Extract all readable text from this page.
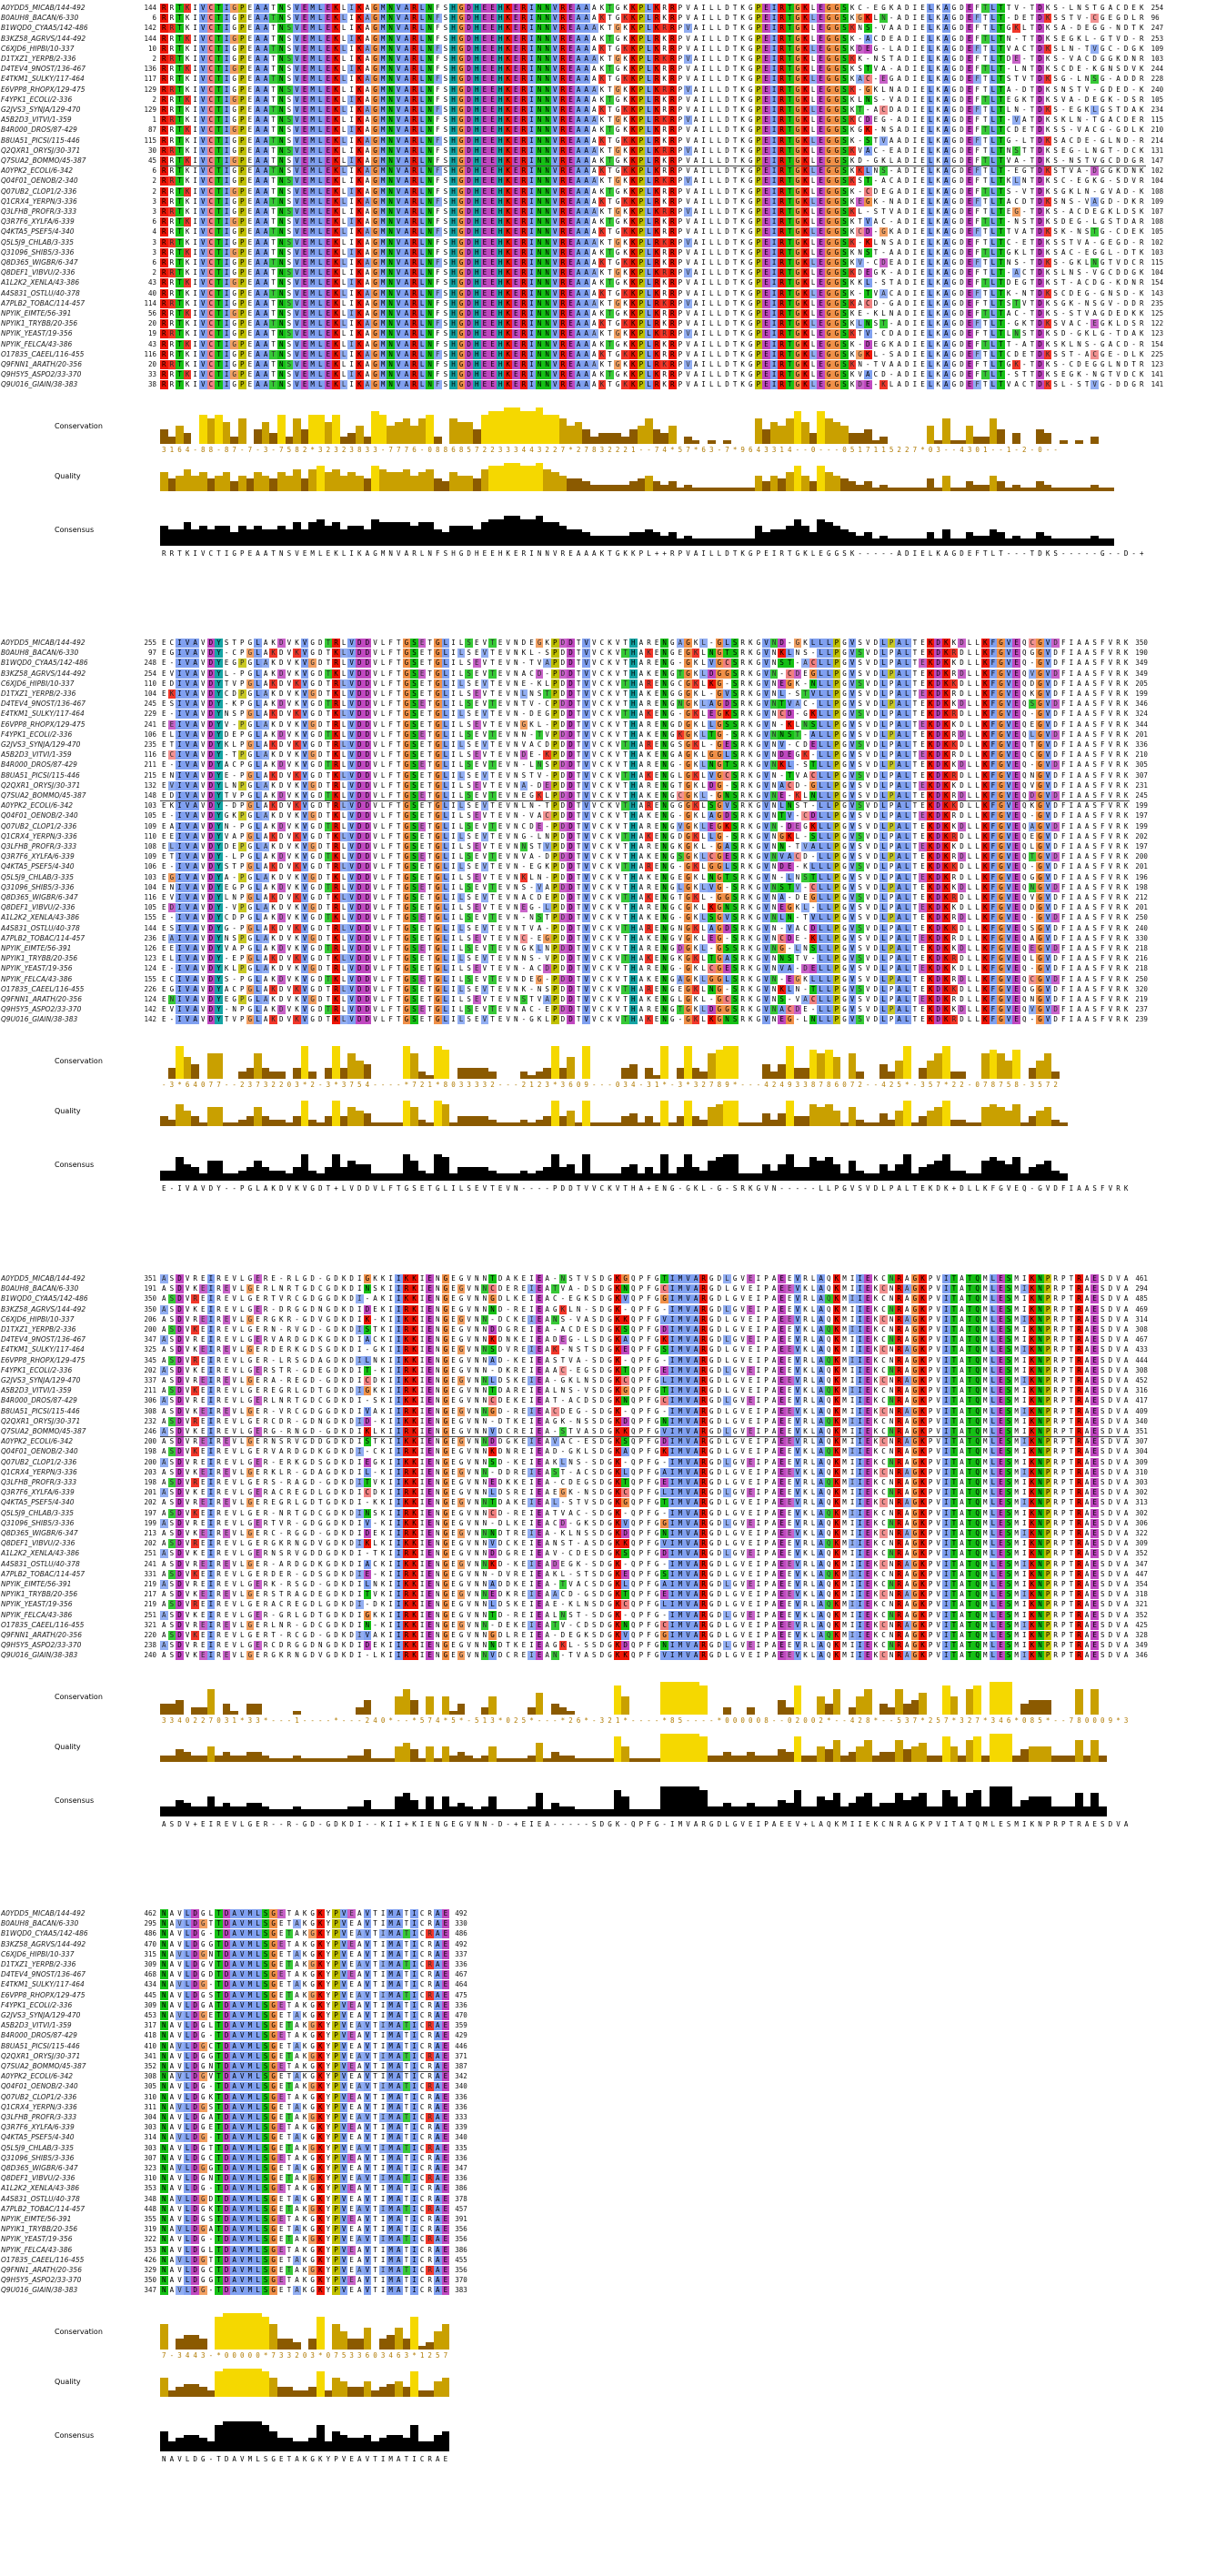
A0YDD5_MICAB/144-492	144 R R T K I V C T I G P E A A T N S V E M L E K L I K A G M N V A R L N F S H G D H E E H K E R I N N V R E A A A K T G K K P L K R R P V A I L L D T K G P E I R T G K L E G G S K C - E G K A D I E L K A G D E F T L T T V - T D K S - L N S T G A C D E K 254
B0AUH8_BACAN/6-330	6 R R T K I V C T I G P E A A T N S V E M L E K L I K A G M N V A R L N F S H G D H E E H K E R I N N V R E A A A K T G K K P L R K R P V A I L L D T K G P E I R T G K L E G G S K G K L N - A D I E L K A G D E F T L T - D E T D K S S T V - C G E G D L R 96
B1WQD0_CYAA5/142-486	142 R R T K I V C T I G P E A A T N S V E M L E K L I K A G M N V A R L N F S H G D H E E H K E R I N N V R E A A A K T G K K P L K R R P V A I L L D T K G P E I R T G K L E G G S K N S - V A A D I E L K A G D E F T L T G K L T D K S A - D E G G - N D T K 247
B3KZ58_AGRVS/144-492	144 R R T K I V C T I G P E A A T N S V E M L E K L I K A G M N V A R L N F S H G D H E E H K E R I N N V R E A A A K T G K K P L R K R P V A I L L D T K G P E I R T G K L E G G S K - A C D E A D I E L K A G D E F T L T N - T T D K S E G K L - G T V D - R 253
C6XJD6_HIPBI/10-337	10 R R T K I V C T I G P E A A T N S V E M L E K L I K A G M N V A R L N F S H G D H E E H K E R I N N V R E A A A K T G K K P L K R R P V A I L L D T K G P E I R T G K L E G G S K D E G - L A D I E L K A G D E F T L T V A C T D K S L N - T V G C - D G K 109
D1TXZ1_YERPB/2-336	2 R R T K I V C T I G P E A A T N S V E M L E K L I K A G M N V A R L N F S H G D H E E H K E R I N N V R E A A A K T G K K P L R K R P V A I L L D T K G P E I R T G K L E G G S K K - N S T A D I E L K A G D E F T L T D E - T D K S - V A C D G G K D N R 103
D4TEV4_9NOST/136-467	136 R R T K I V C T I G P E A A T N S V E M L E K L I K A G M N V A R L N F S H G D H E E H K E R I N N V R E A A A K T G K K P L K R R P V A I L L D T K G P E I R T G K L E G G S K S T V A - A D I E L K A G D E F T L T - L N T D K S C D E - K G N S D V K 244
E4TKM1_SULKY/117-464	117 R R T K I V C T I G P E A A T N S V E M L E K L I K A G M N V A R L N F S H G D H E E H K E R I N N V R E A A A K T G K K P L R K R P V A I L L D T K G P E I R T G K L E G G S K A C - E G A D I E L K A G D E F T L T S T V T D K S G - L N S G - A D D R 228
E6VPP8_RHOPX/129-475	129 R R T K I V C T I G P E A A T N S V E M L E K L I K A G M N V A R L N F S H G D H E E H K E R I N N V R E A A A K T G K K P L K R R P V A I L L D T K G P E I R T G K L E G G S K - G K L N A D I E L K A G D E F T L T A - D T D K S N S T V - G D E D - K 240
F4YPK1_ECOLI/2-336	2 R R T K I V C T I G P E A A T N S V E M L E K L I K A G M N V A R L N F S H G D H E E H K E R I N N V R E A A A K T G K K P L R K R P V A I L L D T K G P E I R T G K L E G G S K L N S - V A D I E L K A G D E F T L T E G K T D K S V A - D E G K - D S R 105
G2JVS3_SYNJA/129-470	129 R R T K I V C T I G P E A A T N S V E M L E K L I K A G M N V A R L N F S H G D H E E H K E R I N N V R E A A A K T G K K P L K R R P V A I L L D T K G P E I R T G K L E G G S K T - A C D A D I E L K A G D E F T L T L N - T D K S - E G K L G S T D A K 234
A5B2D3_VITVI/1-359	1 R R T K I V C T I G P E A A T N S V E M L E K L I K A G M N V A R L N F S H G D H E E H K E R I N N V R E A A A K T G K K P L R K R P V A I L L D T K G P E I R T G K L E G G S K C D E G - A D I E L K A G D E F T L T - V A T D K S K L N - T G A C D E R 115
B4R000_DROS/87-429	87 R R T K I V C T I G P E A A T N S V E M L E K L I K A G M N V A R L N F S H G D H E E H K E R I N N V R E A A A K T G K K P L K R R P V A I L L D T K G P E I R T G K L E G G S K G K - N S A D I E L K A G D E F T L T C D E T D K S S - V A C G - G D L K 210
B8UA51_PICSI/115-446	115 R R T K I V C T I G P E A A T N S V E M L E K L I K A G M N V A R L N F S H G D H E E H K E R I N N V R E A A A K T G K K P L R K R P V A I L L D T K G P E I R T G K L E G G S K - S T V A A D I E L K A G D E F T L T G - L T D K S A C D E - G L N D - R 214
Q2QXR1_ORYSJ/30-371	30 R R T K I V C T I G P E A A T N S V E M L E K L I K A G M N V A R L N F S H G D H E E H K E R I N N V R E A A A K T G K K P L K R R P V A I L L D T K G P E I R T G K L E G G S K V A C - E A D I E L K A G D E F T L T N S T T D K S E G - L N G T - D C K 131
Q7SUA2_BOMMO/45-387	45 R R T K I V C T I G P E A A T N S V E M L E K L I K A G M N V A R L N F S H G D H E E H K E R I N N V R E A A A K T G K K P L R K R P V A I L L D T K G P E I R T G K L E G G S K D - G K L A D I E L K A G D E F T L T V A - T D K S - N S T V G C D D G R 147
A0YPK2_ECOLI/6-342	6 R R T K I V C T I G P E A A T N S V E M L E K L I K A G M N V A R L N F S H G D H E E H K E R I N N V R E A A A K T G K K P L K R R P V A I L L D T K G P E I R T G K L E G G S K K L N S - A D I E L K A G D E F T L T - E G T D K S T V A - D G G K D N K 102
Q04F01_OENOB/2-340	2 R R T K I V C T I G P E A A T N S V E M L E K L I K A G M N V A R L N F S H G D H E E H K E R I N N V R E A A A K T G K K P L R K R P V A I L L D T K G P E I R T G K L E G G S K S T - A C A D I E L K A G D E F T L T K L N T D K S C - E G K G - S D V R 104
Q07UB2_CLOP1/2-336	2 R R T K I V C T I G P E A A T N S V E M L E K L I K A G M N V A R L N F S H G D H E E H K E R I N N V R E A A A K T G K K P L K R R P V A I L L D T K G P E I R T G K L E G G S K - C D E G A D I E L K A G D E F T L T S - V T D K S G K L N - G V A D - K 108
Q1CRX4_YERPN/3-336	3 R R T K I V C T I G P E A A T N S V E M L E K L I K A G M N V A R L N F S H G D H E E H K E R I N N V R E A A A K T G K K P L R K R P V A I L L D T K G P E I R T G K L E G G S K E G K - N A D I E L K A G D E F T L T A C D T D K S N S - V A G D - D K R 109
Q3LFHB_PROFR/3-333	3 R R T K I V C T I G P E A A T N S V E M L E K L I K A G M N V A R L N F S H G D H E E H K E R I N N V R E A A A K T G K K P L K R R P V A I L L D T K G P E I R T G K L E G G S K L - S T V A D I E L K A G D E F T L T E G - T D K S - A C D E G K L D S K 107
Q3R7F6_XYLFA/6-339	6 R R T K I V C T I G P E A A T N S V E M L E K L I K A G M N V A R L N F S H G D H E E H K E R I N N V R E A A A K T G K K P L R K R P V A I L L D T K G P E I R T G K L E G G S K T V A C - A D I E L K A G D E F T L T - N S T D K S D E G - L G S T D A R 108
Q4KTA5_PSEF5/4-340	4 R R T K I V C T I G P E A A T N S V E M L E K L I K A G M N V A R L N F S H G D H E E H K E R I N N V R E A A A K T G K K P L K R R P V A I L L D T K G P E I R T G K L E G G S K C D - G K A D I E L K A G D E F T L T T V A T D K S K - N S T G - C D E K 105
Q5L5J9_CHLAB/3-335	3 R R T K I V C T I G P E A A T N S V E M L E K L I K A G M N V A R L N F S H G D H E E H K E R I N N V R E A A A K T G K K P L R K R P V A I L L D T K G P E I R T G K L E G G S K - K L N S A D I E L K A G D E F T L T C - E T D K S S T V A - G E G D - R 102
Q31096_SHIB5/3-336	3 R R T K I V C T I G P E A A T N S V E M L E K L I K A G M N V A R L N F S H G D H E E H K E R I N N V R E A A A K T G K K P L K R R P V A I L L D T K G P E I R T G K L E G G S K N S T - A A D I E L K A G D E F T L T G K L T D K S A C - E G G L - D T K 103
Q8D365_WIGBR/6-347	6 R R T K I V C T I G P E A A T N S V E M L E K L I K A G M N V A R L N F S H G D H E E H K E R I N N V R E A A A K T G K K P L R K R P V A I L L D T K G P E I R T G K L E G G S K V - C D E A D I E L K A G D E F T L T N S - T D K S - G K L N G T V D C R 115
Q8DEF1_VIBVU/2-336	2 R R T K I V C T I G P E A A T N S V E M L E K L I K A G M N V A R L N F S H G D H E E H K E R I N N V R E A A A K T G K K P L K R R P V A I L L D T K G P E I R T G K L E G G S K D E G K - A D I E L K A G D E F T L T - A C T D K S L N S - V G C D D G K 104
A1L2K2_XENLA/43-386	43 R R T K I V C T I G P E A A T N S V E M L E K L I K A G M N V A R L N F S H G D H E E H K E R I N N V R E A A A K T G K K P L R K R P V A I L L D T K G P E I R T G K L E G G S K K L - S T A D I E L K A G D E F T L T D E G T D K S T - A C D G - K D N R 154
A4S831_OSTLU/40-378	40 R R T K I V C T I G P E A A T N S V E M L E K L I K A G M N V A R L N F S H G D H E E H K E R I N N V R E A A A K T G K K P L K R R P V A I L L D T K G P E I R T G K L E G G S K - T V A C A D I E L K A G D E F T L T K - N T D K S C D E G - G N S D - K 143
A7PLB2_TOBAC/114-457	114 R R T K I V C T I G P E A A T N S V E M L E K L I K A G M N V A R L N F S H G D H E E H K E R I N N V R E A A A K T G K K P L R K R P V A I L L D T K G P E I R T G K L E G G S K A C D - G A D I E L K A G D E F T L T S T V T D K S G K - N S G V - D D R 235
NPYIK_EIMTE/56-391	56 R R T K I V C T I G P E A A T N S V E M L E K L I K A G M N V A R L N F S H G D H E E H K E R I N N V R E A A A K T G K K P L K R R P V A I L L D T K G P E I R T G K L E G G S K E - K L N A D I E L K A G D E F T L T A C - T D K S - S T V A G D E D K K 125
NPYIK1_TRYBB/20-356	20 R R T K I V C T I G P E A A T N S V E M L E K L I K A G M N V A R L N F S H G D H E E H K E R I N N V R E A A A K T G K K P L R K R P V A I L L D T K G P E I R T G K L E G G S K L N S T - A D I E L K A G D E F T L T - G K T D K S V A C - E G K L D S R 122
NPYIK_YEAST/19-356	19 R R T K I V C T I G P E A A T N S V E M L E K L I K A G M N V A R L N F S H G D H E E H K E R I N N V R E A A A K T G K K P L K R R P V A I L L D T K G P E I R T G K L E G G S K T V - C D A D I E L K A G D E F T L T L N S T D K S D - G K L G - T D A K 123
NPYIK_FELCA/43-386	43 R R T K I V C T I G P E A A T N S V E M L E K L I K A G M N V A R L N F S H G D H E E H K E R I N N V R E A A A K T G K K P L R K R P V A I L L D T K G P E I R T G K L E G G S K - D E G K A D I E L K A G D E F T L T T - A T D K S K L N S - G A C D - R 154
O17835_CAEEL/116-455	116 R R T K I V C T I G P E A A T N S V E M L E K L I K A G M N V A R L N F S H G D H E E H K E R I N N V R E A A A K T G K K P L K R R P V A I L L D T K G P E I R T G K L E G G S K G K L - S A D I E L K A G D E F T L T C D E T D K S S T - A C G E - D L K 225
Q9FNN1_ARATH/20-356	20 R R T K I V C T I G P E A A T N S V E M L E K L I K A G M N V A R L N F S H G D H E E H K E R I N N V R E A A A K T G K K P L R K R P V A I L L D T K G P E I R T G K L E G G S K N - T V A A D I E L K A G D E F T L T G K - T D K S - C D E G G L N D T R 123
Q9H5Y5_ASPO2/33-370	33 R R T K I V C T I G P E A A T N S V E M L E K L I K A G M N V A R L N F S H G D H E E H K E R I N N V R E A A A K T G K K P L K R R P V A I L L D T K G P E I R T G K L E G G S K V A C D - A D I E L K A G D E F T L T - S T T D K S E G K - N G T V D C K 141
Q9U016_GIAIN/38-383	38 R R T K I V C T I G P E A A T N S V E M L E K L I K A G M N V A R L N F S H G D H E E H K E R I N N V R E A A A K T G K K P L R K R P V A I L L D T K G P E I R T G K L E G G S K D E - K L A D I E L K A G D E F T L T V A C T D K S L - S T V G - D D G R 141
Conservation
3 1 6 4 - 8 8 - 8 7 - 7 - 3 - 7 5 8 2 * 3 2 3 2 3 8 3 3 - 7 7 7 6 - 0 8 8 6 8 5 7 2 2 3 3 3 4 4 3 2 2 7 * 2 7 8 3 2 2 2 1 - - 7 4 * 5 7 * 6 3 - 7 * 9 6 4 3 3 1 4 - - 0 - - - 0 5 1 7 1 1 5 2 2 7 * 0 3 - - 4 3 0 1 - - 1 - 2 - 0 - -
Quality
Consensus
R R T K I V C T I G P E A A T N S V E M L E K L I K A G M N V A R L N F S H G D H E E H K E R I N N V R E A A A K T G K K P L + + R P V A I L L D T K G P E I R T G K L E G G S K - - - - - A D I E L K A G D E F T L T - - - T D K S - - - - - G - - D - +
A0YDD5_MICAB/144-492	255 E C I V A V D Y S T P G L A K D V K V G D T R L V D D V L F T G S E T G L I L S E V T E V N D E G K P D D T V V C K V T H A R E N G A G K L - G L S R K G V N D - G K L L L P G V S V D L P A L T E K D K K D L L K F G V E Q C G V D F I A A S F V R K 350
B0AUH8_BACAN/6-330	97 E G I V A V D Y - C P G L A K D V K V G D T K L V D D V L F T G S E T G L I L S E V T E V N K L - S P D D T V V C K V T H A K E N G E G K L N G T S R K G V N K L N S - L L P G V S V D L P A L T E K D K R D L L K F G V E Q G G V D F I A A S F V R K 190
B1WQD0_CYAA5/142-486	248 E - I V A V D Y E G P G L A K D V K V G D T R L V D D V L F T G S E T G L I L S E V T E V N - T V A P D D T V V C K V T H A R E N G - G K L V G C S R K G V N S T - A C L L P G V S V D L P A L T E K D K K D L L K F G V E Q - G V D F I A A S F V R K 349
B3KZ58_AGRVS/144-492	254 E V I V A V D Y L - P G L A K D V K V G D T K L V D D V L F T G S E T G L I L S E V T E V N A C D - P D D T V V C K V T H A K E N G T G K L D G G S R K G V N - C D E G L L P G V S V D L P A L T E K D K R D L L K F G V E Q V G V D F I A A S F V R K 349
C6XJD6_HIPBI/10-337	110 E D I V A V D Y T V P G L A K D V K V G D T R L V D D V L F T G S E T G L I L S E V T E V N E - K L P D D T V V C K V T H A R E N G C G K L K G - S R K G V N E G K - N L L P G V S V D L P A L T E K D K K D L L K F G V E Q D G V D F I A A S F V R K 205
D1TXZ1_YERPB/2-336	104 E K I V A V D Y C D P G L A K D V K V G D T K L V D D V L F T G S E T G L I L S E V T E V N L N S T P D D T V V C K V T H A K E N G G G K L - G V S R K G V N L - S T V L L P G V S V D L P A L T E K D K R D L L K F G V E Q K G V D F I A A S F V R K 199
D4TEV4_9NOST/136-467	245 E S I V A V D Y - K P G L A K D V K V G D T R L V D D V L F T G S E T G L I L S E V T E V N T V - C P D D T V V C K V T H A R E N G N G K L A G D S R K G V N T V A C - L L P G V S V D L P A L T E K D K K D L L K F G V E Q S G V D F I A A S F V R K 346
E4TKM1_SULKY/117-464	229 E - I V A V D Y N S P G L A K D V K V G D T K L V D D V L F T G S E T G L I L S E V T E V N - D E G P D D T V V C K V T H A K E N G - G K L E G K S R K G V N C D - G K L L P G V S V D L P A L T E K D K R D L L K F G V E Q - G V D F I A A S F V R K 324
E6VPP8_RHOPX/129-475	241 E E I V A V D Y V - P G L A K D V K V G D T R L V D D V L F T G S E T G L I L S E V T E V N G K L - P D D T V V C K V T H A R E N G D G K L L G S S R K G V N - K L N S L L P G V S V D L P A L T E K D K K D L L K F G V E Q E G V D F I A A S F V R K 344
F4YPK1_ECOLI/2-336	106 E L I V A V D Y D E P G L A K D V K V G D T K L V D D V L F T G S E T G L I L S E V T E V N N - T V P D D T V V C K V T H A K E N G K G K L T G - S R K G V N N S T - A L L P G V S V D L P A L T E K D K R D L L K F G V E Q L G V D F I A A S F V R K 201
G2JVS3_SYNJA/129-470	235 E T I V A V D Y K L P G L A K D V K V G D T R L V D D V L F T G S E T G L I L S E V T E V N V A C D P D D T V V C K V T H A R E N G S G K L - G E S R K G V N V - C D E L L P G V S V D L P A L T E K D K K D L L K F G V E Q T G V D F I A A S F V R K 336
A5B2D3_VITVI/1-359	116 E C I V A V D Y - T P G L A K D V K V G D T K L V D D V L F T G S E T G L I L S E V T E V N D E - K P D D T V V C K V T H A K E N G A G K L G G L S R K G V N D E G K - L L P G V S V D L P A L T E K D K R D L L K F G V E Q C G V D F I A A S F V R K 210
B4R000_DROS/87-429	211 E - I V A V D Y A C P G L A K D V K V G D T R L V D D V L F T G S E T G L I L S E V T E V N - L N S P D D T V V C K V T H A R E N G - G K L N G T S R K G V N K L - S T L L P G V S V D L P A L T E K D K K D L L K F G V E Q - G V D F I A A S F V R K 305
B8UA51_PICSI/115-446	215 E N I V A V D Y E - P G L A K D V K V G D T K L V D D V L F T G S E T G L I L S E V T E V N S T V - P D D T V V C K V T H A K E N G L G K L V G C S R K G V N - T V A C L L P G V S V D L P A L T E K D K R D L L K F G V E Q N G V D F I A A S F V R K 307
Q2QXR1_ORYSJ/30-371	132 E V I V A V D Y L N P G L A K D V K V G D T R L V D D V L F T G S E T G L I L S E V T E V N A - D E P D D T V V C K V T H A R E N G T G K L D G - S R K G V N A C D - G L L P G V S V D L P A L T E K D K K D L L K F G V E Q V G V D F I A A S F V R K 231
Q7SUA2_BOMMO/45-387	148 E D I V A V D Y T V P G L A K D V K V G D T K L V D D V L F T G S E T G L I L S E V T E V N E G K L P D D T V V C K V T H A K E N G C G K L - G N S R K G V N E - K L N L L P G V S V D L P A L T E K D K R D L L K F G V E Q D G V D F I A A S F V R K 245
A0YPK2_ECOLI/6-342	103 E K I V A V D Y - D P G L A K D V K V G D T R L V D D V L F T G S E T G L I L S E V T E V N L N - T P D D T V V C K V T H A R E N G G G K L S G V S R K G V N L N S T - L L P G V S V D L P A L T E K D K K D L L K F G V E Q K G V D F I A A S F V R K 199
Q04F01_OENOB/2-340	105 E - I V A V D Y G K P G L A K D V K V G D T K L V D D V L F T G S E T G L I L S E V T E V N - V A C P D D T V V C K V T H A K E N G - G K L A G D S R K G V N T V - C D L L P G V S V D L P A L T E K D K R D L L K F G V E Q - G V D F I A A S F V R K 197
Q07UB2_CLOP1/2-336	109 E A I V A V D Y N - P G L A K D V K V G D T R L V D D V L F T G S E T G L I L S E V T E V N C D E - P D D T V V C K V T H A R E N G V G K L E G K S R K G V N - D E G K L L P G V S V D L P A L T E K D K K D L L K F G V E Q A G V D F I A A S F V R K 199
Q1CRX4_YERPN/3-336	110 E E I V A V D Y V A P G L A K D V K V G D T K L V D D V L F T G S E T G L I L S E V T E V N G - L N P D D T V V C K V T H A K E N G D G K L L G - S R K G V N G K L - S L L P G V S V D L P A L T E K D K R D L L K F G V E Q E G V D F I A A S F V R K 202
Q3LFHB_PROFR/3-333	108 E L I V A V D Y D E P G L A K D V K V G D T R L V D D V L F T G S E T G L I L S E V T E V N N S T V P D D T V V C K V T H A R E N G K G K L - G A S R K G V N N - T V A L L P G V S V D L P A L T E K D K K D L L K F G V E Q L G V D F I A A S F V R K 197
Q3R7F6_XYLFA/6-339	109 E T I V A V D Y - L P G L A K D V K V G D T K L V D D V L F T G S E T G L I L S E V T E V N V A - D P D D T V V C K V T H A K E N G S G K L C G E S R K G V N V A C D - L L P G V S V D L P A L T E K D K R D L L K F G V E Q T G V D F I A A S F V R K 200
Q4KTA5_PSEF5/4-340	106 E - I V A V D Y S T P G L A K D V K V G D T R L V D D V L F T G S E T G L I L S E V T E V N - E G K P D D T V V C K V T H A R E N G - G K L G G L S R K G V N D E - K L L L P G V S V D L P A L T E K D K K D L L K F G V E Q - G V D F I A A S F V R K 201
Q5L5J9_CHLAB/3-335	103 E G I V A V D Y A - P G L A K D V K V G D T K L V D D V L F T G S E T G L I L S E V T E V N K L N - P D D T V V C K V T H A K E N G E G K L N G T S R K G V N - L N S T L L P G V S V D L P A L T E K D K R D L L K F G V E Q G G V D F I A A S F V R K 196
Q31096_SHIB5/3-336	104 E N I V A V D Y E G P G L A K D V K V G D T R L V D D V L F T G S E T G L I L S E V T E V N S - V A P D D T V V C K V T H A R E N G L G K L V G - S R K G V N S T V - C L L P G V S V D L P A L T E K D K K D L L K F G V E Q N G V D F I A A S F V R K 198
Q8D365_WIGBR/6-347	116 E V I V A V D Y L N P G L A K D V K V G D T K L V D D V L F T G S E T G L I L S E V T E V N A C D E P D D T V V C K V T H A K E N G T G K L - G G S R K G V N A - D E G L L P G V S V D L P A L T E K D K R D L L K F G V E Q V G V D F I A A S F V R K 212
Q8DEF1_VIBVU/2-336	105 E D I V A V D Y - V P G L A K D V K V G D T R L V D D V L F T G S E T G L I L S E V T E V N E G - L P D D T V V C K V T H A R E N G C G K L K G N S R K G V N E G K L - L L P G V S V D L P A L T E K D K K D L L K F G V E Q D G V D F I A A S F V R K 201
A1L2K2_XENLA/43-386	155 E - I V A V D Y C D P G L A K D V K V G D T K L V D D V L F T G S E T G L I L S E V T E V N - N S T P D D T V V C K V T H A K E N G - G K L S G V S R K G V N L N - T V L L P G V S V D L P A L T E K D K R D L L K F G V E Q - G V D F I A A S F V R K 250
A4S831_OSTLU/40-378	144 E S I V A V D Y G - P G L A K D V K V G D T R L V D D V L F T G S E T G L I L S E V T E V N T V A - P D D T V V C K V T H A R E N G N G K L A G D S R K G V N - V A C D L L P G V S V D L P A L T E K D K K D L L K F G V E Q S G V D F I A A S F V R K 240
A7PLB2_TOBAC/114-457	236 E A I V A V D Y N S P G L A K D V K V G D T K L V D D V L F T G S E T G L I L S E V T E V N C - E G P D D T V V C K V T H A K E N G V G K L E G - S R K G V N C D E - K L L P G V S V D L P A L T E K D K R D L L K F G V E Q A G V D F I A A S F V R K 330
NPYIK_EIMTE/56-391	126 E E I V A V D Y V A P G L A K D V K V G D T R L V D D V L F T G S E T G L I L S E V T E V N G K L N P D D T V V C K V T H A R E N G D G K L - G S S R K G V N G - L N S L L P G V S V D L P A L T E K D K K D L L K F G V E Q E G V D F I A A S F V R K 218
NPYIK1_TRYBB/20-356	123 E L I V A V D Y - E P G L A K D V K V G D T K L V D D V L F T G S E T G L I L S E V T E V N N S - V P D D T V V C K V T H A K E N G K G K L T G A S R K G V N N S T V - L L P G V S V D L P A L T E K D K R D L L K F G V E Q L G V D F I A A S F V R K 216
NPYIK_YEAST/19-356	124 E - I V A V D Y K L P G L A K D V K V G D T R L V D D V L F T G S E T G L I L S E V T E V N - A C D P D D T V V C K V T H A R E N G - G K L C G E S R K G V N V A - D E L L P G V S V D L P A L T E K D K K D L L K F G V E Q - G V D F I A A S F V R K 218
NPYIK_FELCA/43-386	155 E C I V A V D Y S - P G L A K D V K V G D T K L V D D V L F T G S E T G L I L S E V T E V N D E G - P D D T V V C K V T H A K E N G A G K L G G L S R K G V N - E G K L L L P G V S V D L P A L T E K D K R D L L K F G V E Q C G V D F I A A S F V R K 250
O17835_CAEEL/116-455	226 E G I V A V D Y A C P G L A K D V K V G D T R L V D D V L F T G S E T G L I L S E V T E V N K - N S P D D T V V C K V T H A R E N G E G K L N G - S R K G V N K L N - T L L P G V S V D L P A L T E K D K K D L L K F G V E Q G G V D F I A A S F V R K 320
Q9FNN1_ARATH/20-356	124 E N I V A V D Y E G P G L A K D V K V G D T K L V D D V L F T G S E T G L I L S E V T E V N S T V A P D D T V V C K V T H A K E N G L G K L - G C S R K G V N S - V A C L L P G V S V D L P A L T E K D K R D L L K F G V E Q N G V D F I A A S F V R K 219
Q9H5Y5_ASPO2/33-370	142 E V I V A V D Y - N P G L A K D V K V G D T R L V D D V L F T G S E T G L I L S E V T E V N A C - E P D D T V V C K V T H A R E N G T G K L D G G S R K G V N A C D E - L L P G V S V D L P A L T E K D K K D L L K F G V E Q V G V D F I A A S F V R K 237
Q9U016_GIAIN/38-383	142 E - I V A V D Y T V P G L A K D V K V G D T K L V D D V L F T G S E T G L I L S E V T E V N - G K L P D D T V V C K V T H A K E N G - G K L K G N S R K G V N E G - L N L L P G V S V D L P A L T E K D K R D L L K F G V E Q - G V D F I A A S F V R K 239
Conservation
- 3 * 6 4 0 7 7 - - 2 3 7 3 2 2 0 3 * 2 - 3 * 3 7 5 4 - - - - * 7 2 1 * 8 0 3 3 3 3 2 - - - 2 1 2 3 * 3 6 0 9 - - - 0 3 4 - 3 1 * - 3 * 3 2 7 8 9 * - - - 4 2 4 9 3 3 8 7 8 6 0 7 2 - - 4 2 5 * - 3 5 7 * 2 2 - 0 7 8 7 5 8 - 3 5 7 2
Quality
Consensus
E - I V A V D Y - - P G L A K D V K V G D T + L V D D V L F T G S E T G L I L S E V T E V N - - - - P D D T V V C K V T H A + E N G - G K L - G - S R K G V N - - - - - L L P G V S V D L P A L T E K D K + D L L K F G V E Q - G V D F I A A S F V R K
A0YDD5_MICAB/144-492	351 A S D V R E I R E V L G E R E - R L G D - G D K D I G K K I I K K I E N G E G V N N T D A K E I E A - N S T V S D G K G Q P F G T I M V A R G D L G V E I P A E E V R L A Q K M I I E K C N R A G K P V I T A T Q M L E S M I K N P R P T R A E S D V A 461
B0AUH8_BACAN/6-330	191 A S D V K E I R E V L G E R L N R T G D C G D K D I N S K I I R K I E N G E G V N N C D E R E I E A T V A - D S D G K N Q P F G C I M V A R G D L G V E I P A E E V K L A Q K M I I E K C N R A G K P V I T A T Q M L E S M I K N P R P T R A E S D V A 294
B1WQD0_CYAA5/142-486	350 A S D V R E I R E V L G E R T V R C G D G G D K D I - A K I I K K I E N G E G V N N G D L K E I E A C - E G K S D G K V Q P F G G I M V A R G D L G V E I P A E E V R L A Q K M I I E K C N R A G K P V I T A T Q M L E S M I K N P R P T R A E S D V A 485
B3KZ58_AGRVS/144-492	350 A S D V K E I R E V L G E R - D R G G D N G D K D I D E K I I R K I E N G E G V N N N D - R E I E A G K L N - S D G K - Q P F G - I M V A R G D L G V E I P A E E V K L A Q K M I I E K C N R A G K P V I T A T Q M L E S M I K N P R P T R A E S D V A 469
C6XJD6_HIPBI/10-337	206 A S D V R E I R E V L G E R G K R - G D V G D K D I K - K I I K K I E N G E G V N N - D C K E I E A N S - V A S D G K K Q P F G V I M V A R G D L G V E I P A E E V R L A Q K M I I E K C N R A G K P V I T A T Q M L E S M I K N P R P T R A E S D V A 314
D1TXZ1_YERPB/2-336	200 A S D V K E I R E V L G E R N - R V G D - G D K D I S T K I I R K I E N G E G V N N D D G R E I E A - A C D E S D G K S Q P F G D I M V A R G D L G V E I P A E E V K L A Q K M I I E K C N R A G K P V I T A T Q M L E S M I K N P R P T R A E S D V A 308
D4TEV4_9NOST/136-467	347 A S D V R E I R E V L G E R V A R D G D K G D K D I A C K I I K K I E N G E G V N N K D N K E I E A D E G - L S D G K A Q P F G K I M V A R G D L G V E I P A E E V R L A Q K M I I E K C N R A G K P V I T A T Q M L E S M I K N P R P T R A E S D V A 467
E4TKM1_SULKY/117-464	325 A S D V K E I R E V L G E R D E R K G D S G D K D I - G K I I R K I E N G E G V N N S D V R E I E A K - N S T S D G K E Q P F G S I M V A R G D L G V E I P A E E V K L A Q K M I I E K C N R A G K P V I T A T Q M L E S M I K N P R P T R A E S D V A 433
E6VPP8_RHOPX/129-475	345 A S D V R E I R E V L G E R - L R S G D A G D K D I L N K I I K K I E N G E G V N N A D - K E I E A S T V A - S D G K - Q P F G - I M V A R G D L G V E I P A E E V R L A Q K M I I E K C N R A G K P V I T A T Q M L E S M I K N P R P T R A E S D V A 444
F4YPK1_ECOLI/2-336	202 A S D V K E I R E V L G E R S T R - G D E G D K D I T - K I I R K I E N G E G V N N - D K R E I E A A C - E G S D G K T Q P F G E I M V A R G D L G V E I P A E E V K L A Q K M I I E K C N R A G K P V I T A T Q M L E S M I K N P R P T R A E S D V A 308
G2JVS3_SYNJA/129-470	337 A S D V R E I R E V L G E R A - R E G D - G D K D I C D K I I K K I E N G E G V N N L D S K E I E A - G K L N S D G K C Q P F G L I M V A R G D L G V E I P A E E V R L A Q K M I I E K C N R A G K P V I T A T Q M L E S M I K N P R P T R A E S D V A 452
A5B2D3_VITVI/1-359	211 A S D V K E I R E V L G E R E G R L G D T G D K D I G K K I I R K I E N G E G V N N T D A R E I E A L N S - V S D G K G Q P F G T I M V A R G D L G V E I P A E E V K L A Q K M I I E K C N R A G K P V I T A T Q M L E S M I K N P R P T R A E S D V A 316
B4R000_DROS/87-429	306 A S D V R E I R E V L G E R L N R T G D C G D K D I - S K I I K K I E N G E G V N N C D E K E I E A T - A C D S D G K N Q P F G C I M V A R G D L G V E I P A E E V R L A Q K M I I E K C N R A G K P V I T A T Q M L E S M I K N P R P T R A E S D V A 417
B8UA51_PICSI/115-446	308 A S D V K E I R E V L G E R - V R C G D G G D K D I V A K I I R K I E N G E G V N N G D - R E I E A C D E G - S D G K - Q P F G - I M V A R G D L G V E I P A E E V K L A Q K M I I E K C N R A G K P V I T A T Q M L E S M I K N P R P T R A E S D V A 409
Q2QXR1_ORYSJ/30-371	232 A S D V R E I R E V L G E R C D R - G D N G D K D I D - K I I K K I E N G E G V N N - D T K E I E A G K - N S S D G K D Q P F G N I M V A R G D L G V E I P A E E V R L A Q K M I I E K C N R A G K P V I T A T Q M L E S M I K N P R P T R A E S D V A 340
Q7SUA2_BOMMO/45-387	246 A S D V K E I R E V L G E R G - R N G D - G D K D I K L K I I R K I E N G E G V N N V D C R E I E A - S T V A S D G K K Q P F G V I M V A R G D L G V E I P A E E V K L A Q K M I I E K C N R A G K P V I T A T Q M L E S M I K N P R P T R A E S D V A 351
A0YPK2_ECOLI/6-342	200 A S D V R E I R E V L G E R N S R V G D D G D K D I S T K I I K K I E N G E G V N N D D G K E I E A V A C - E S D G K S Q P F G D I M V A R G D L G V E I P A E E V R L A Q K M I I E K C N R A G K P V I T A T Q M L E S M I K N P R P T R A E S D V A 307
Q04F01_OENOB/2-340	198 A S D V K E I R E V L G E R V A R D G D K G D K D I - C K I I R K I E N G E G V N N K D N R E I E A D - G K L S D G K A Q P F G K I M V A R G D L G V E I P A E E V K L A Q K M I I E K C N R A G K P V I T A T Q M L E S M I K N P R P T R A E S D V A 304
Q07UB2_CLOP1/2-336	200 A S D V R E I R E V L G E R - E R K G D S G D K D I E G K I I K K I E N G E G V N N S D - K E I E A K L N S - S D G K - Q P F G - I M V A R G D L G V E I P A E E V R L A Q K M I I E K C N R A G K P V I T A T Q M L E S M I K N P R P T R A E S D V A 309
Q1CRX4_YERPN/3-336	203 A S D V K E I R E V L G E R K L R - G D A G D K D I L - K I I R K I E N G E G V N N - D D R E I E A S T - A C S D G K L Q P F G A I M V A R G D L G V E I P A E E V K L A Q K M I I E K C N R A G K P V I T A T Q M L E S M I K N P R P T R A E S D V A 310
Q3LFHB_PROFR/3-333	198 A S D V R E I R E V L G E R S - R A G D - G D K D I T V K I I K K I E N G E G V N N E D K K E I E A - C D E G S D G K T Q P F G E I M V A R G D L G V E I P A E E V R L A Q K M I I E K C N R A G K P V I T A T Q M L E S M I K N P R P T R A E S D V A 303
Q3R7F6_XYLFA/6-339	201 A S D V K E I R E V L G E R A C R E G D L G D K D I C D K I I R K I E N G E G V N N L D S R E I E A E G K - N S D G K C Q P F G L I M V A R G D L G V E I P A E E V K L A Q K M I I E K C N R A G K P V I T A T Q M L E S M I K N P R P T R A E S D V A 302
Q4KTA5_PSEF5/4-340	202 A S D V R E I R E V L G E R E G R L G D T G D K D I - K K I I K K I E N G E G V N N T D A K E I E A L - S T V S D G K G Q P F G T I M V A R G D L G V E I P A E E V R L A Q K M I I E K C N R A G K P V I T A T Q M L E S M I K N P R P T R A E S D V A 313
Q5L5J9_CHLAB/3-335	197 A S D V K E I R E V L G E R - N R T G D C G D K D I N S K I I R K I E N G E G V N N C D - R E I E A T V A C - S D G K - Q P F G - I M V A R G D L G V E I P A E E V K L A Q K M I I E K C N R A G K P V I T A T Q M L E S M I K N P R P T R A E S D V A 302
Q31096_SHIB5/3-336	199 A S D V R E I R E V L G E R T V R - G D G G D K D I V - K I I K K I E N G E G V N N - D L K E I E A C D - G K S D G K V Q P F G G I M V A R G D L G V E I P A E E V R L A Q K M I I E K C N R A G K P V I T A T Q M L E S M I K N P R P T R A E S D V A 306
Q8D365_WIGBR/6-347	213 A S D V K E I R E V L G E R C - R G G D - G D K D I D E K I I R K I E N G E G V N N N D T R E I E A - K L N S S D G K D Q P F G N I M V A R G D L G V E I P A E E V K L A Q K M I I E K C N R A G K P V I T A T Q M L E S M I K N P R P T R A E S D V A 322
Q8DEF1_VIBVU/2-336	202 A S D V R E I R E V L G E R G K R N G D V G D K D I K L K I I K K I E N G E G V N N V D C K E I E A N S T - A S D G K K Q P F G V I M V A R G D L G V E I P A E E V R L A Q K M I I E K C N R A G K P V I T A T Q M L E S M I K N P R P T R A E S D V A 309
A1L2K2_XENLA/43-386	251 A S D V K E I R E V L G E R N S R V G D D G D K D I - T K I I R K I E N G E G V N N D D G R E I E A V - C D E S D G K S Q P F G D I M V A R G D L G V E I P A E E V K L A Q K M I I E K C N R A G K P V I T A T Q M L E S M I K N P R P T R A E S D V A 352
A4S831_OSTLU/40-378	241 A S D V R E I R E V L G E R - A R D G D K G D K D I A C K I I K K I E N G E G V N N K D - K E I E A D E G K - S D G K - Q P F G - I M V A R G D L G V E I P A E E V R L A Q K M I I E K C N R A G K P V I T A T Q M L E S M I K N P R P T R A E S D V A 347
A7PLB2_TOBAC/114-457	331 A S D V K E I R E V L G E R D E R - G D S G D K D I E - K I I R K I E N G E G V N N - D V R E I E A K L - S T S D G K E Q P F G S I M V A R G D L G V E I P A E E V K L A Q K M I I E K C N R A G K P V I T A T Q M L E S M I K N P R P T R A E S D V A 447
NPYIK_EIMTE/56-391	219 A S D V R E I R E V L G E R K - R S G D - G D K D I L N K I I K K I E N G E G V N N A D D K E I E A - T V A C S D G K L Q P F G A I M V A R G D L G V E I P A E E V R L A Q K M I I E K C N R A G K P V I T A T Q M L E S M I K N P R P T R A E S D V A 354
NPYIK1_TRYBB/20-356	217 A S D V K E I R E V L G E R S T R A G D E G D K D I T V K I I R K I E N G E G V N N E D K R E I E A A C D - G S D G K T Q P F G E I M V A R G D L G V E I P A E E V K L A Q K M I I E K C N R A G K P V I T A T Q M L E S M I K N P R P T R A E S D V A 318
NPYIK_YEAST/19-356	219 A S D V R E I R E V L G E R A C R E G D L G D K D I - D K I I K K I E N G E G V N N L D S K E I E A E - K L N S D G K C Q P F G L I M V A R G D L G V E I P A E E V R L A Q K M I I E K C N R A G K P V I T A T Q M L E S M I K N P R P T R A E S D V A 321
NPYIK_FELCA/43-386	251 A S D V K E I R E V L G E R - G R L G D T G D K D I G K K I I R K I E N G E G V N N T D - R E I E A L N S T - S D G K - Q P F G - I M V A R G D L G V E I P A E E V K L A Q K M I I E K C N R A G K P V I T A T Q M L E S M I K N P R P T R A E S D V A 352
O17835_CAEEL/116-455	321 A S D V R E I R E V L G E R L N R - G D C G D K D I N - K I I K K I E N G E G V N N - D E K E I E A T V - C D S D G K N Q P F G C I M V A R G D L G V E I P A E E V R L A Q K M I I E K C N R A G K P V I T A T Q M L E S M I K N P R P T R A E S D V A 425
Q9FNN1_ARATH/20-356	220 A S D V K E I R E V L G E R T - R C G D - G D K D I V A K I I R K I E N G E G V N N G D L R E I E A - D E G K S D G K V Q P F G G I M V A R G D L G V E I P A E E V K L A Q K M I I E K C N R A G K P V I T A T Q M L E S M I K N P R P T R A E S D V A 328
Q9H5Y5_ASPO2/33-370	238 A S D V R E I R E V L G E R C D R G G D N G D K D I D E K I I K K I E N G E G V N N N D T K E I E A G K L - S S D G K D Q P F G N I M V A R G D L G V E I P A E E V R L A Q K M I I E K C N R A G K P V I T A T Q M L E S M I K N P R P T R A E S D V A 349
Q9U016_GIAIN/38-383	240 A S D V K E I R E V L G E R G K R N G D V G D K D I - L K I I R K I E N G E G V N N V D C R E I E A N - T V A S D G K K Q P F G V I M V A R G D L G V E I P A E E V K L A Q K M I I E K C N R A G K P V I T A T Q M L E S M I K N P R P T R A E S D V A 346
Conservation
3 3 4 0 2 2 7 0 3 1 * 3 3 * - - - 1 - - - - * - - - 2 4 0 * - - * 5 7 4 * 5 * - 5 1 3 * 0 2 5 * - - - * 2 6 * - 3 2 1 * - - - - * 8 5 - - - - * 0 0 0 0 0 8 - - 0 2 0 0 2 * - - 4 2 8 * - - 5 3 7 * 2 5 7 * 3 2 7 * 3 4 6 * 0 8 5 * - - 7 8 0 0 0 9 * 3
Quality
Consensus
A S D V + E I R E V L G E R - - R - G D - G D K D I - - K I I + K I E N G E G V N N - D - + E I E A - - - - - S D G K - Q P F G - I M V A R G D L G V E I P A E E V + L A Q K M I I E K C N R A G K P V I T A T Q M L E S M I K N P R P T R A E S D V A
A0YDD5_MICAB/144-492	462 N A V L D G L T D A V M L S G E T A K G K Y P V E A V T I M A T I C R A E 492
B0AUH8_BACAN/6-330	295 N A V L D G T T D A V M L S G E T A K G K Y P V E A V T I M A T I C R A E 330
B1WQD0_CYAA5/142-486	486 N A V L D G - T D A V M L S G E T A K G K Y P V E A V T I M A T I C R A E 486
B3KZ58_AGRVS/144-492	470 N A V L D G G T D A V M L S G E T A K G K Y P V E A V T I M A T I C R A E 492
C6XJD6_HIPBI/10-337	315 N A V L D G N T D A V M L S G E T A K G K Y P V E A V T I M A T I C R A E 337
D1TXZ1_YERPB/2-336	309 N A V L D G V T D A V M L S G E T A K G K Y P V E A V T I M A T I C R A E 336
D4TEV4_9NOST/136-467	468 N A V L D G D T D A V M L S G E T A K G K Y P V E A V T I M A T I C R A E 467
E4TKM1_SULKY/117-464	434 N A V L D G - T D A V M L S G E T A K G K Y P V E A V T I M A T I C R A E 464
E6VPP8_RHOPX/129-475	445 N A V L D G S T D A V M L S G E T A K G K Y P V E A V T I M A T I C R A E 475
F4YPK1_ECOLI/2-336	309 N A V L D G A T D A V M L S G E T A K G K Y P V E A V T I M A T I C R A E 336
G2JVS3_SYNJA/129-470	453 N A V L D G E T D A V M L S G E T A K G K Y P V E A V T I M A T I C R A E 470
A5B2D3_VITVI/1-359	317 N A V L D G L T D A V M L S G E T A K G K Y P V E A V T I M A T I C R A E 359
B4R000_DROS/87-429	418 N A V L D G - T D A V M L S G E T A K G K Y P V E A V T I M A T I C R A E 429
B8UA51_PICSI/115-446	410 N A V L D G C T D A V M L S G E T A K G K Y P V E A V T I M A T I C R A E 446
Q2QXR1_ORYSJ/30-371	341 N A V L D G G T D A V M L S G E T A K G K Y P V E A V T I M A T I C R A E 371
Q7SUA2_BOMMO/45-387	352 N A V L D G N T D A V M L S G E T A K G K Y P V E A V T I M A T I C R A E 387
A0YPK2_ECOLI/6-342	308 N A V L D G V T D A V M L S G E T A K G K Y P V E A V T I M A T I C R A E 342
Q04F01_OENOB/2-340	305 N A V L D G - T D A V M L S G E T A K G K Y P V E A V T I M A T I C R A E 340
Q07UB2_CLOP1/2-336	310 N A V L D G K T D A V M L S G E T A K G K Y P V E A V T I M A T I C R A E 336
Q1CRX4_YERPN/3-336	311 N A V L D G S T D A V M L S G E T A K G K Y P V E A V T I M A T I C R A E 336
Q3LFHB_PROFR/3-333	304 N A V L D G A T D A V M L S G E T A K G K Y P V E A V T I M A T I C R A E 333
Q3R7F6_XYLFA/6-339	303 N A V L D G E T D A V M L S G E T A K G K Y P V E A V T I M A T I C R A E 339
Q4KTA5_PSEF5/4-340	314 N A V L D G - T D A V M L S G E T A K G K Y P V E A V T I M A T I C R A E 340
Q5L5J9_CHLAB/3-335	303 N A V L D G T T D A V M L S G E T A K G K Y P V E A V T I M A T I C R A E 335
Q31096_SHIB5/3-336	307 N A V L D G C T D A V M L S G E T A K G K Y P V E A V T I M A T I C R A E 336
Q8D365_WIGBR/6-347	323 N A V L D G G T D A V M L S G E T A K G K Y P V E A V T I M A T I C R A E 347
Q8DEF1_VIBVU/2-336	310 N A V L D G N T D A V M L S G E T A K G K Y P V E A V T I M A T I C R A E 336
A1L2K2_XENLA/43-386	353 N A V L D G - T D A V M L S G E T A K G K Y P V E A V T I M A T I C R A E 386
A4S831_OSTLU/40-378	348 N A V L D G D T D A V M L S G E T A K G K Y P V E A V T I M A T I C R A E 378
A7PLB2_TOBAC/114-457	448 N A V L D G K T D A V M L S G E T A K G K Y P V E A V T I M A T I C R A E 457
NPYIK_EIMTE/56-391	355 N A V L D G S T D A V M L S G E T A K G K Y P V E A V T I M A T I C R A E 391
NPYIK1_TRYBB/20-356	319 N A V L D G A T D A V M L S G E T A K G K Y P V E A V T I M A T I C R A E 356
NPYIK_YEAST/19-356	322 N A V L D G - T D A V M L S G E T A K G K Y P V E A V T I M A T I C R A E 356
NPYIK_FELCA/43-386	353 N A V L D G L T D A V M L S G E T A K G K Y P V E A V T I M A T I C R A E 386
O17835_CAEEL/116-455	426 N A V L D G T T D A V M L S G E T A K G K Y P V E A V T I M A T I C R A E 455
Q9FNN1_ARATH/20-356	329 N A V L D G C T D A V M L S G E T A K G K Y P V E A V T I M A T I C R A E 356
Q9H5Y5_ASPO2/33-370	350 N A V L D G G T D A V M L S G E T A K G K Y P V E A V T I M A T I C R A E 370
Q9U016_GIAIN/38-383	347 N A V L D G - T D A V M L S G E T A K G K Y P V E A V T I M A T I C R A E 383
Conservation
7 - 3 4 4 3 - * 0 0 0 0 0 * 7 3 3 2 0 3 * 0 7 5 3 3 6 0 3 4 6 3 * 1 2 5 7
Quality
Consensus
N A V L D G - T D A V M L S G E T A K G K Y P V E A V T I M A T I C R A E
